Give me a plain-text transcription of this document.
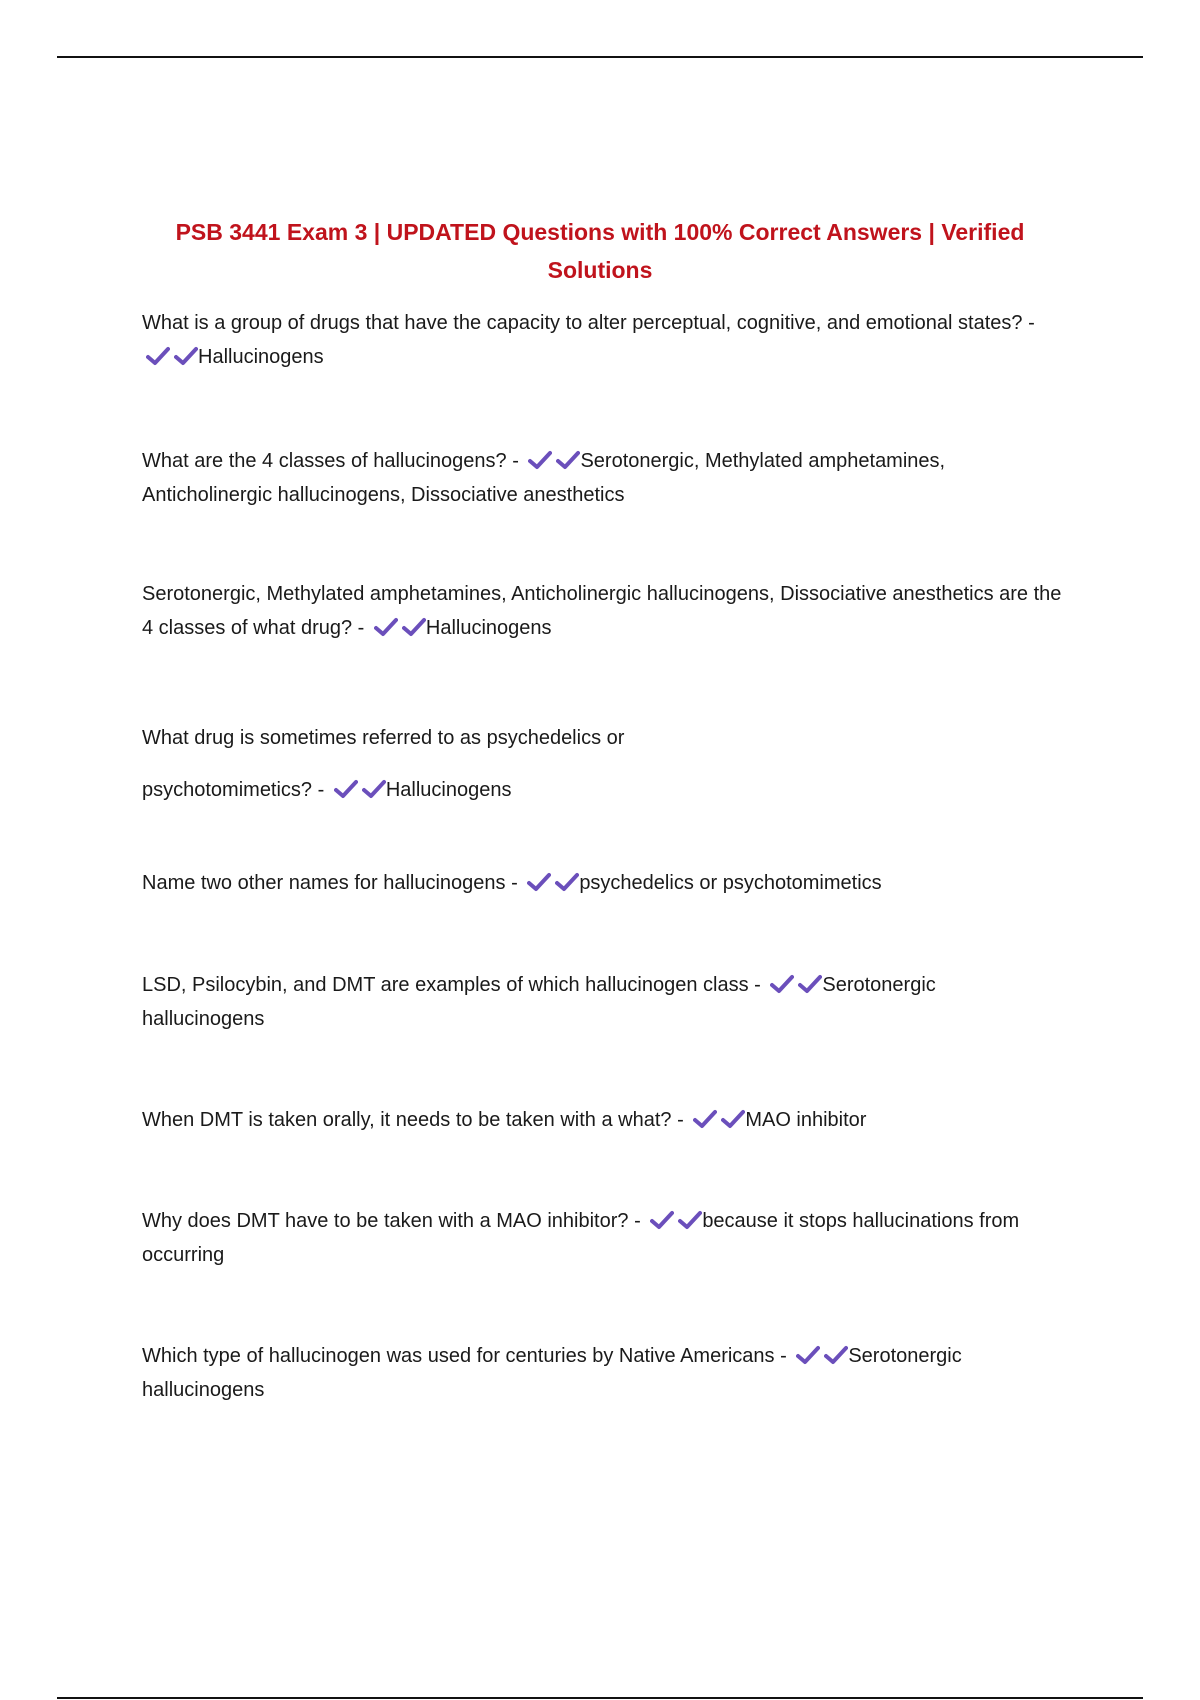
PSB 3441 Exam 3 | UPDATED Questions with 100% Correct Answers | Verified Solutions

What is a group of drugs that have the capacity to alter perceptual, cognitive, and emotional states? -
Hallucinogens

What are the 4 classes of hallucinogens? -	Serotonergic, Methylated amphetamines, Anticholinergic hallucinogens, Dissociative anesthetics

Serotonergic, Methylated amphetamines, Anticholinergic hallucinogens, Dissociative anesthetics are the 4 classes of what drug? -	Hallucinogens

What drug is sometimes referred to as psychedelics or
psychotomimetics? -	Hallucinogens

Name two other names for hallucinogens -	psychedelics or psychotomimetics

LSD, Psilocybin, and DMT are examples of which hallucinogen class -	Serotonergic hallucinogens

When DMT is taken orally, it needs to be taken with a what? -	MAO inhibitor

Why does DMT have to be taken with a MAO inhibitor? -	because it stops hallucinations from occurring

Which type of hallucinogen was used for centuries by Native Americans -	Serotonergic hallucinogens
